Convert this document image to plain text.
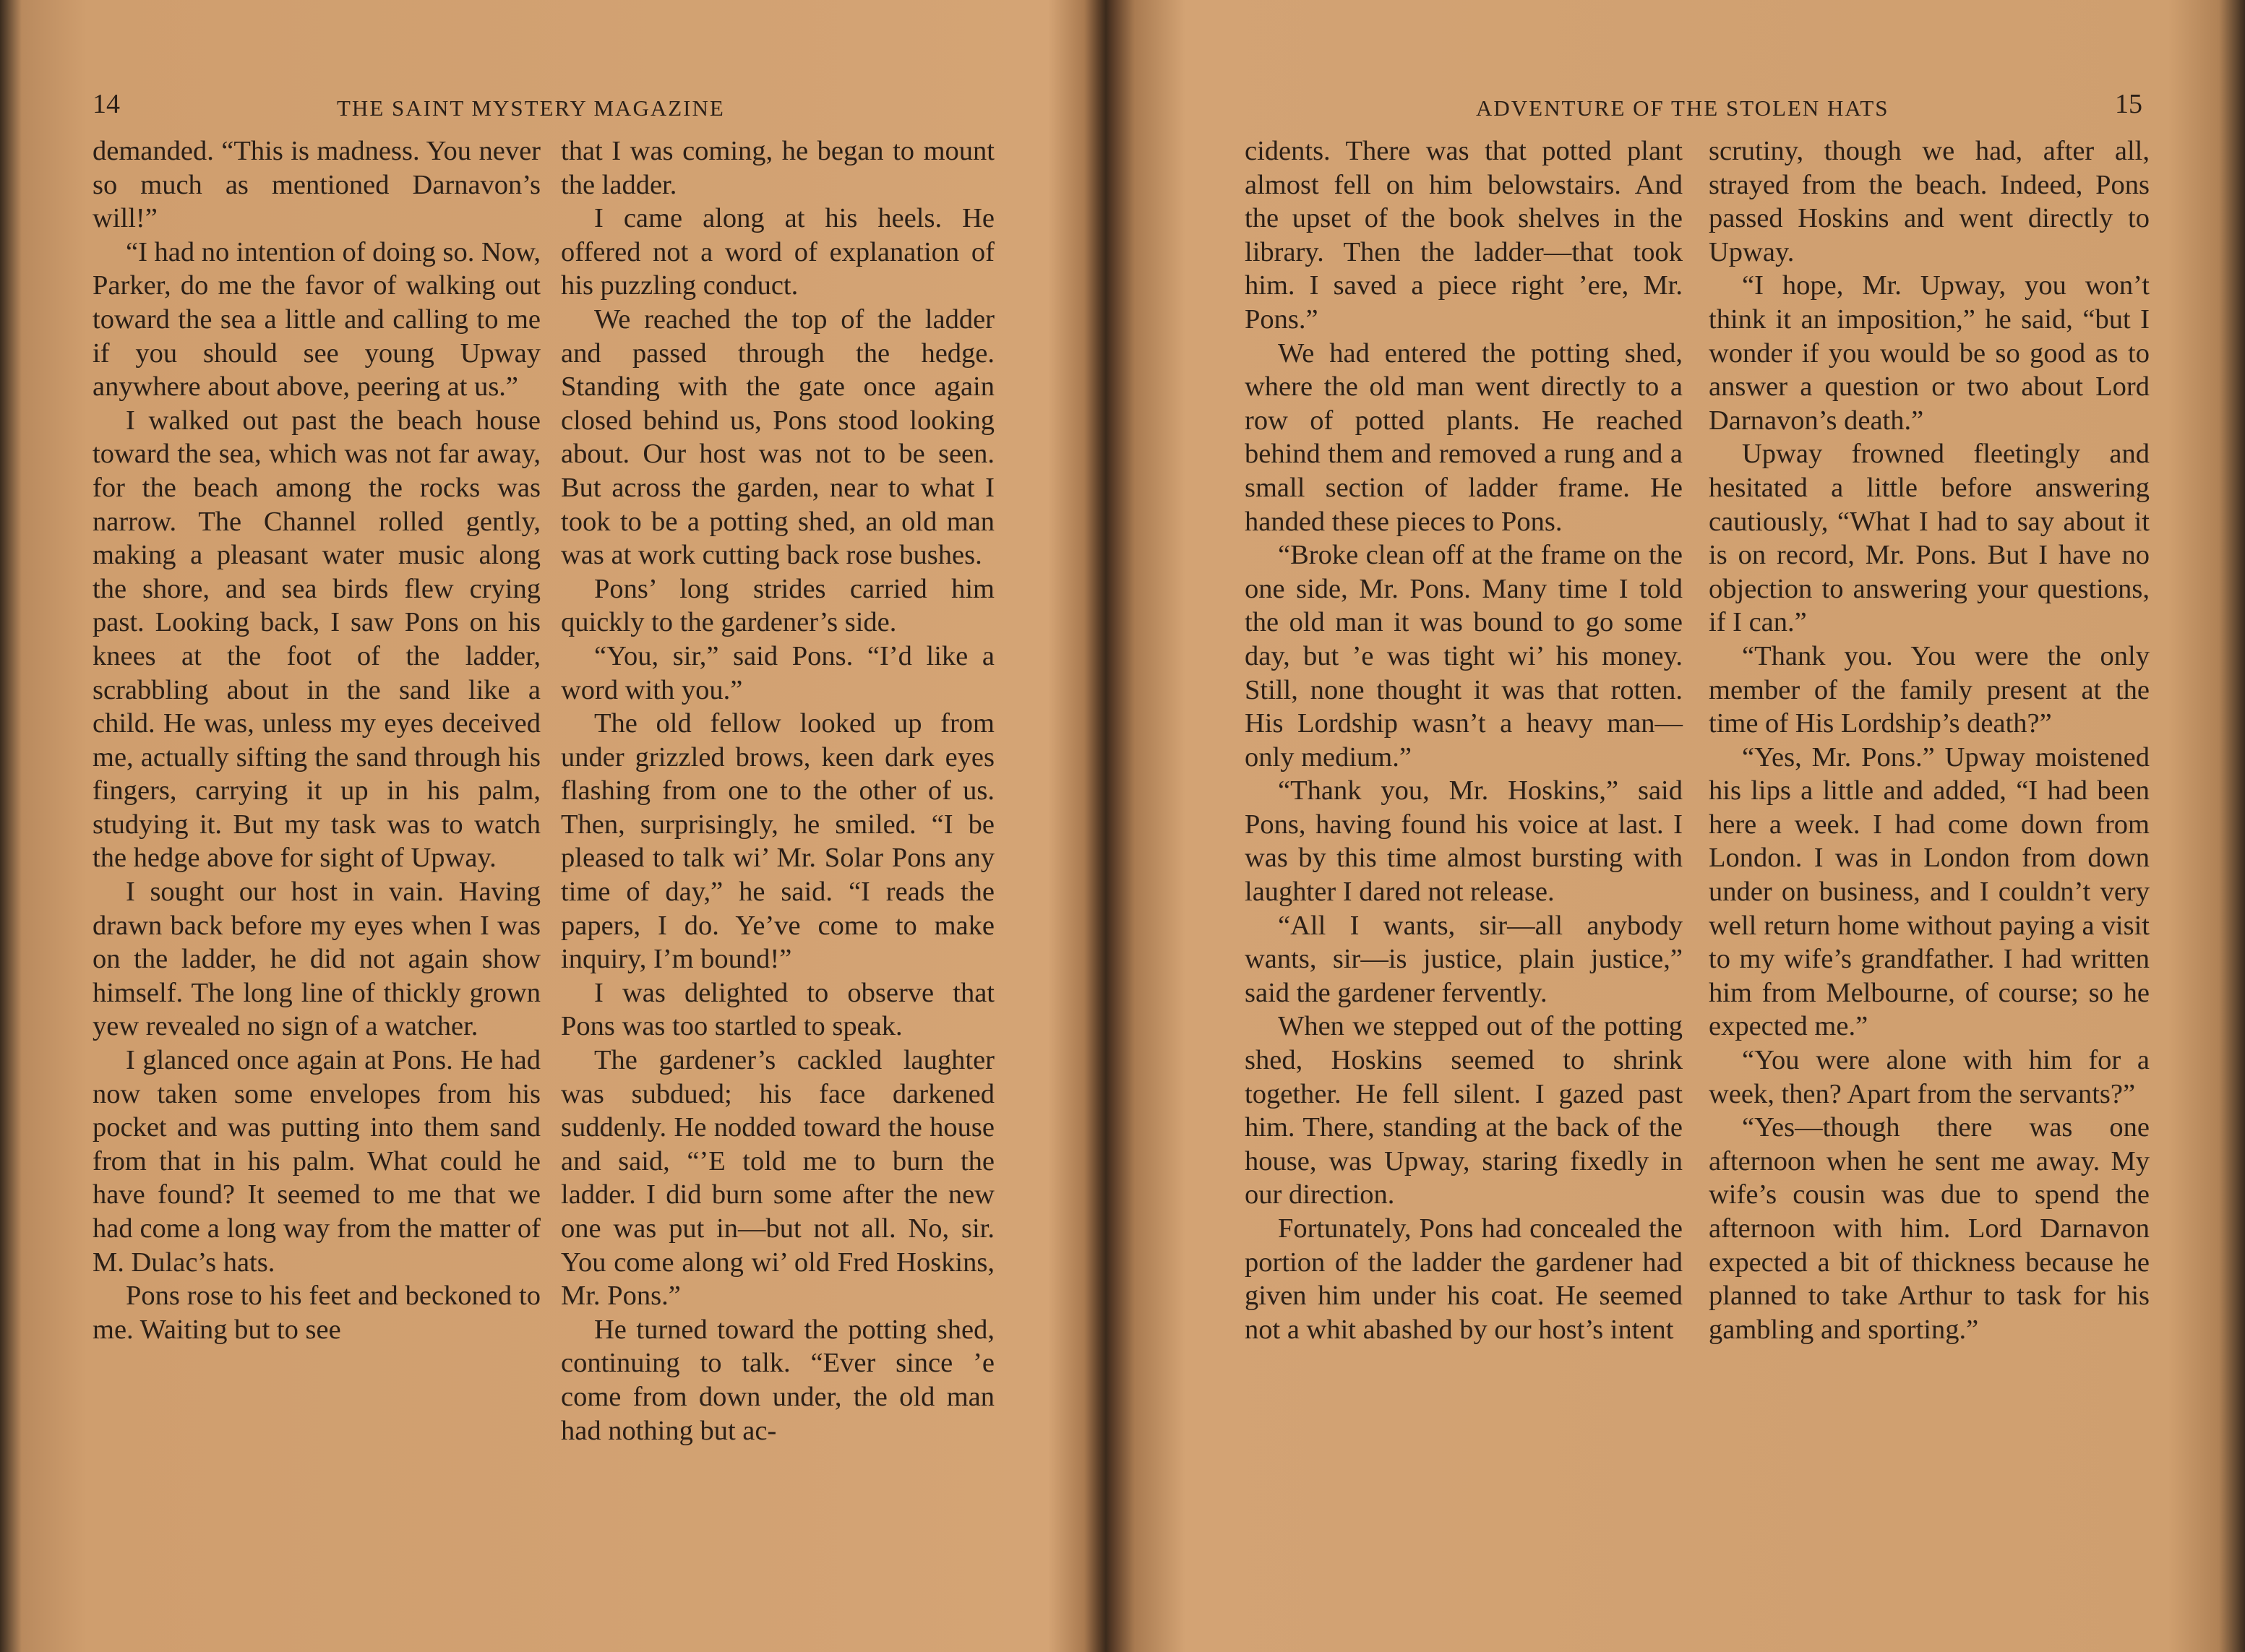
14	THE SAINT MYSTERY MAGAZINE

demanded. “This is madness. You never so much as mentioned Darnavon’s will!”

“I had no intention of doing so. Now, Parker, do me the favor of walking out toward the sea a little and calling to me if you should see young Upway anywhere about above, peering at us.”

I walked out past the beach house toward the sea, which was not far away, for the beach among the rocks was narrow. The Channel rolled gently, making a pleasant water music along the shore, and sea birds flew crying past. Looking back, I saw Pons on his knees at the foot of the ladder, scrabbling about in the sand like a child. He was, unless my eyes deceived me, actually sifting the sand through his fingers, carrying it up in his palm, studying it. But my task was to watch the hedge above for sight of Upway.

I sought our host in vain. Having drawn back before my eyes when I was on the ladder, he did not again show himself. The long line of thickly grown yew revealed no sign of a watcher.

I glanced once again at Pons. He had now taken some envelopes from his pocket and was putting into them sand from that in his palm. What could he have found? It seemed to me that we had come a long way from the matter of M. Dulac’s hats.

Pons rose to his feet and beckoned to me. Waiting but to see

that I was coming, he began to mount the ladder.

I came along at his heels. He offered not a word of explanation of his puzzling conduct.

We reached the top of the ladder and passed through the hedge. Standing with the gate once again closed behind us, Pons stood looking about. Our host was not to be seen. But across the garden, near to what I took to be a potting shed, an old man was at work cutting back rose bushes.

Pons’ long strides carried him quickly to the gardener’s side.

“You, sir,” said Pons. “I’d like a word with you.”

The old fellow looked up from under grizzled brows, keen dark eyes flashing from one to the other of us. Then, surprisingly, he smiled. “I be pleased to talk wi’ Mr. Solar Pons any time of day,” he said. “I reads the papers, I do. Ye’ve come to make inquiry, I’m bound!”

I was delighted to observe that Pons was too startled to speak.

The gardener’s cackled laughter was subdued; his face darkened suddenly. He nodded toward the house and said, “’E told me to burn the ladder. I did burn some after the new one was put in—but not all. No, sir. You come along wi’ old Fred Hoskins, Mr. Pons.”

He turned toward the potting shed, continuing to talk. “Ever since ’e come from down under, the old man had nothing but ac-

ADVENTURE OF THE STOLEN HATS	15

cidents. There was that potted plant almost fell on him belowstairs. And the upset of the book shelves in the library. Then the ladder—that took him. I saved a piece right ’ere, Mr. Pons.”

We had entered the potting shed, where the old man went directly to a row of potted plants. He reached behind them and removed a rung and a small section of ladder frame. He handed these pieces to Pons.

“Broke clean off at the frame on the one side, Mr. Pons. Many time I told the old man it was bound to go some day, but ’e was tight wi’ his money. Still, none thought it was that rotten. His Lordship wasn’t a heavy man—only medium.”

“Thank you, Mr. Hoskins,” said Pons, having found his voice at last. I was by this time almost bursting with laughter I dared not release.

“All I wants, sir—all anybody wants, sir—is justice, plain justice,” said the gardener fervently.

When we stepped out of the potting shed, Hoskins seemed to shrink together. He fell silent. I gazed past him. There, standing at the back of the house, was Upway, staring fixedly in our direction.

Fortunately, Pons had concealed the portion of the ladder the gardener had given him under his coat. He seemed not a whit abashed by our host’s intent

scrutiny, though we had, after all, strayed from the beach. Indeed, Pons passed Hoskins and went directly to Upway.

“I hope, Mr. Upway, you won’t think it an imposition,” he said, “but I wonder if you would be so good as to answer a question or two about Lord Darnavon’s death.”

Upway frowned fleetingly and hesitated a little before answering cautiously, “What I had to say about it is on record, Mr. Pons. But I have no objection to answering your questions, if I can.”

“Thank you. You were the only member of the family present at the time of His Lordship’s death?”

“Yes, Mr. Pons.” Upway moistened his lips a little and added, “I had been here a week. I had come down from London. I was in London from down under on business, and I couldn’t very well return home without paying a visit to my wife’s grandfather. I had written him from Melbourne, of course; so he expected me.”

“You were alone with him for a week, then? Apart from the servants?”

“Yes—though there was one afternoon when he sent me away. My wife’s cousin was due to spend the afternoon with him. Lord Darnavon expected a bit of thickness because he planned to take Arthur to task for his gambling and sporting.”
